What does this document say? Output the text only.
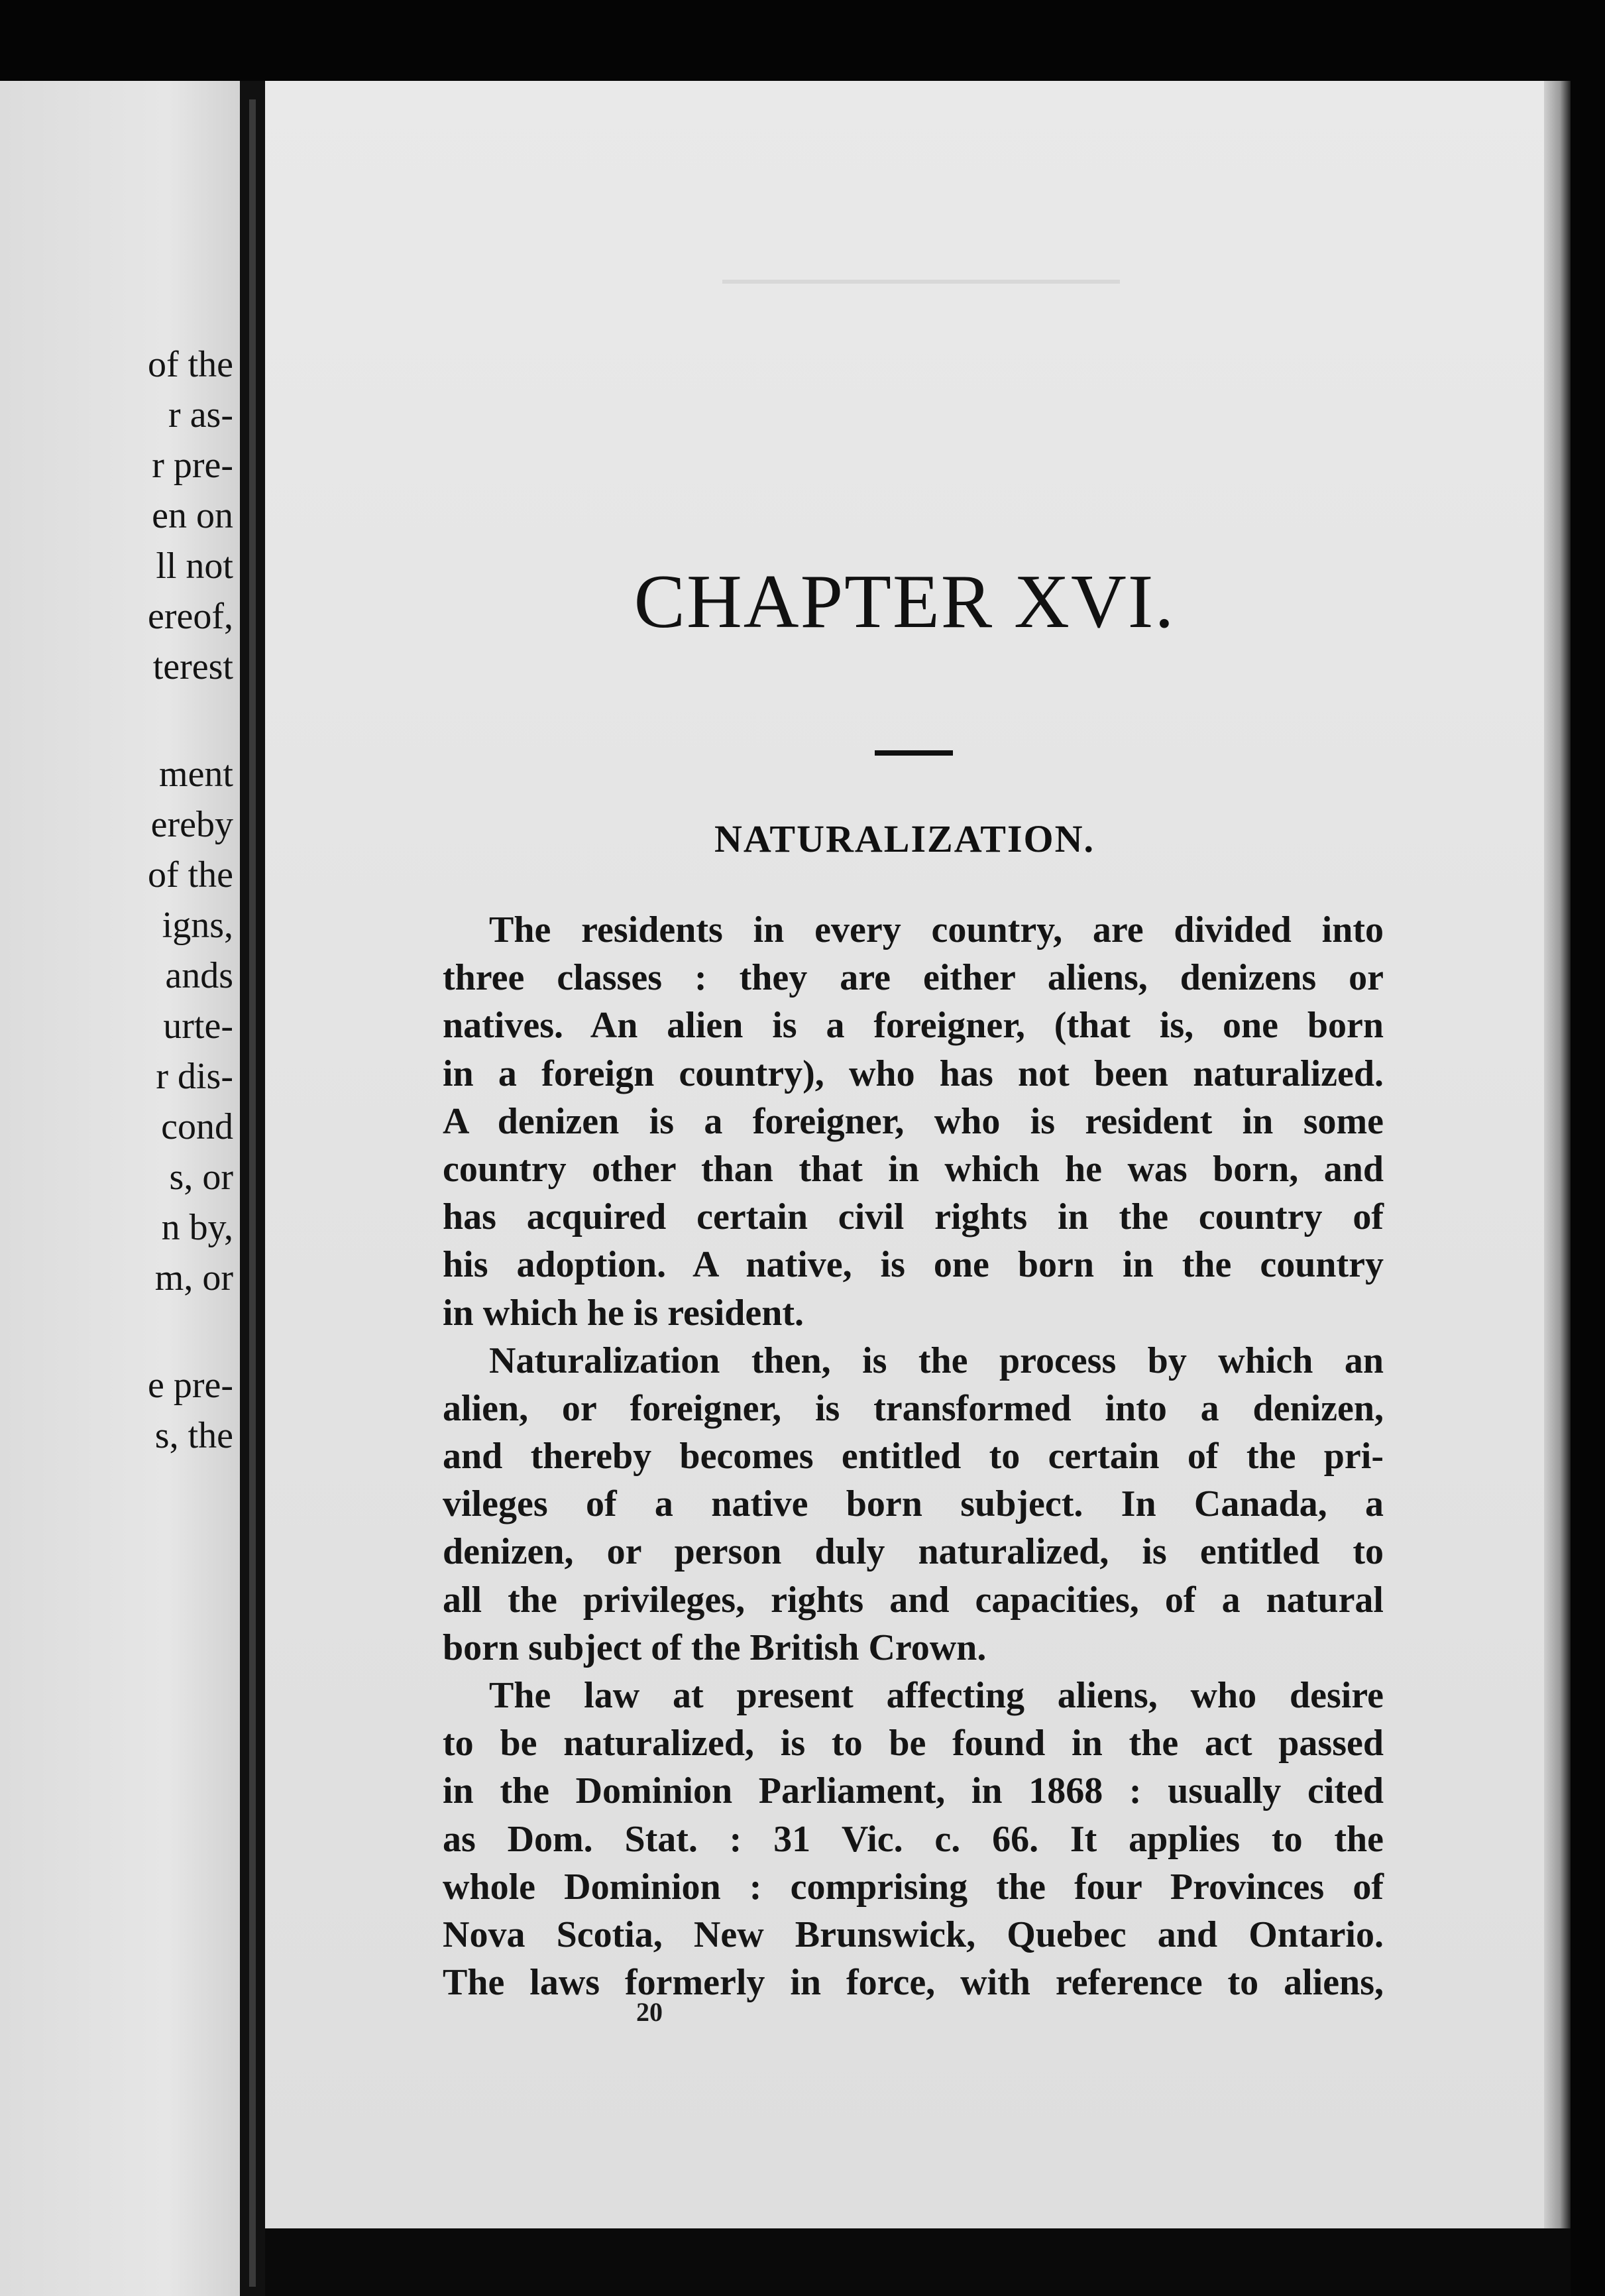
of the
r as-
r pre-
en on
ll not
ereof,
terest
ment
ereby
of the
igns,
ands
urte-
r dis-
cond
s, or
n by,
m, or
e pre-
s, the
CHAPTER XVI.
NATURALIZATION.
The residents in every country, are divided into
three classes : they are either aliens, denizens or
natives. An alien is a foreigner, (that is, one born
in a foreign country), who has not been naturalized.
A denizen is a foreigner, who is resident in some
country other than that in which he was born, and
has acquired certain civil rights in the country of
his adoption. A native, is one born in the country
in which he is resident.
Naturalization then, is the process by which an
alien, or foreigner, is transformed into a denizen,
and thereby becomes entitled to certain of the pri-
vileges of a native born subject. In Canada, a
denizen, or person duly naturalized, is entitled to
all the privileges, rights and capacities, of a natural
born subject of the British Crown.
The law at present affecting aliens, who desire
to be naturalized, is to be found in the act passed
in the Dominion Parliament, in 1868 : usually cited
as Dom. Stat. : 31 Vic. c. 66. It applies to the
whole Dominion : comprising the four Provinces of
Nova Scotia, New Brunswick, Quebec and Ontario.
The laws formerly in force, with reference to aliens,
20
